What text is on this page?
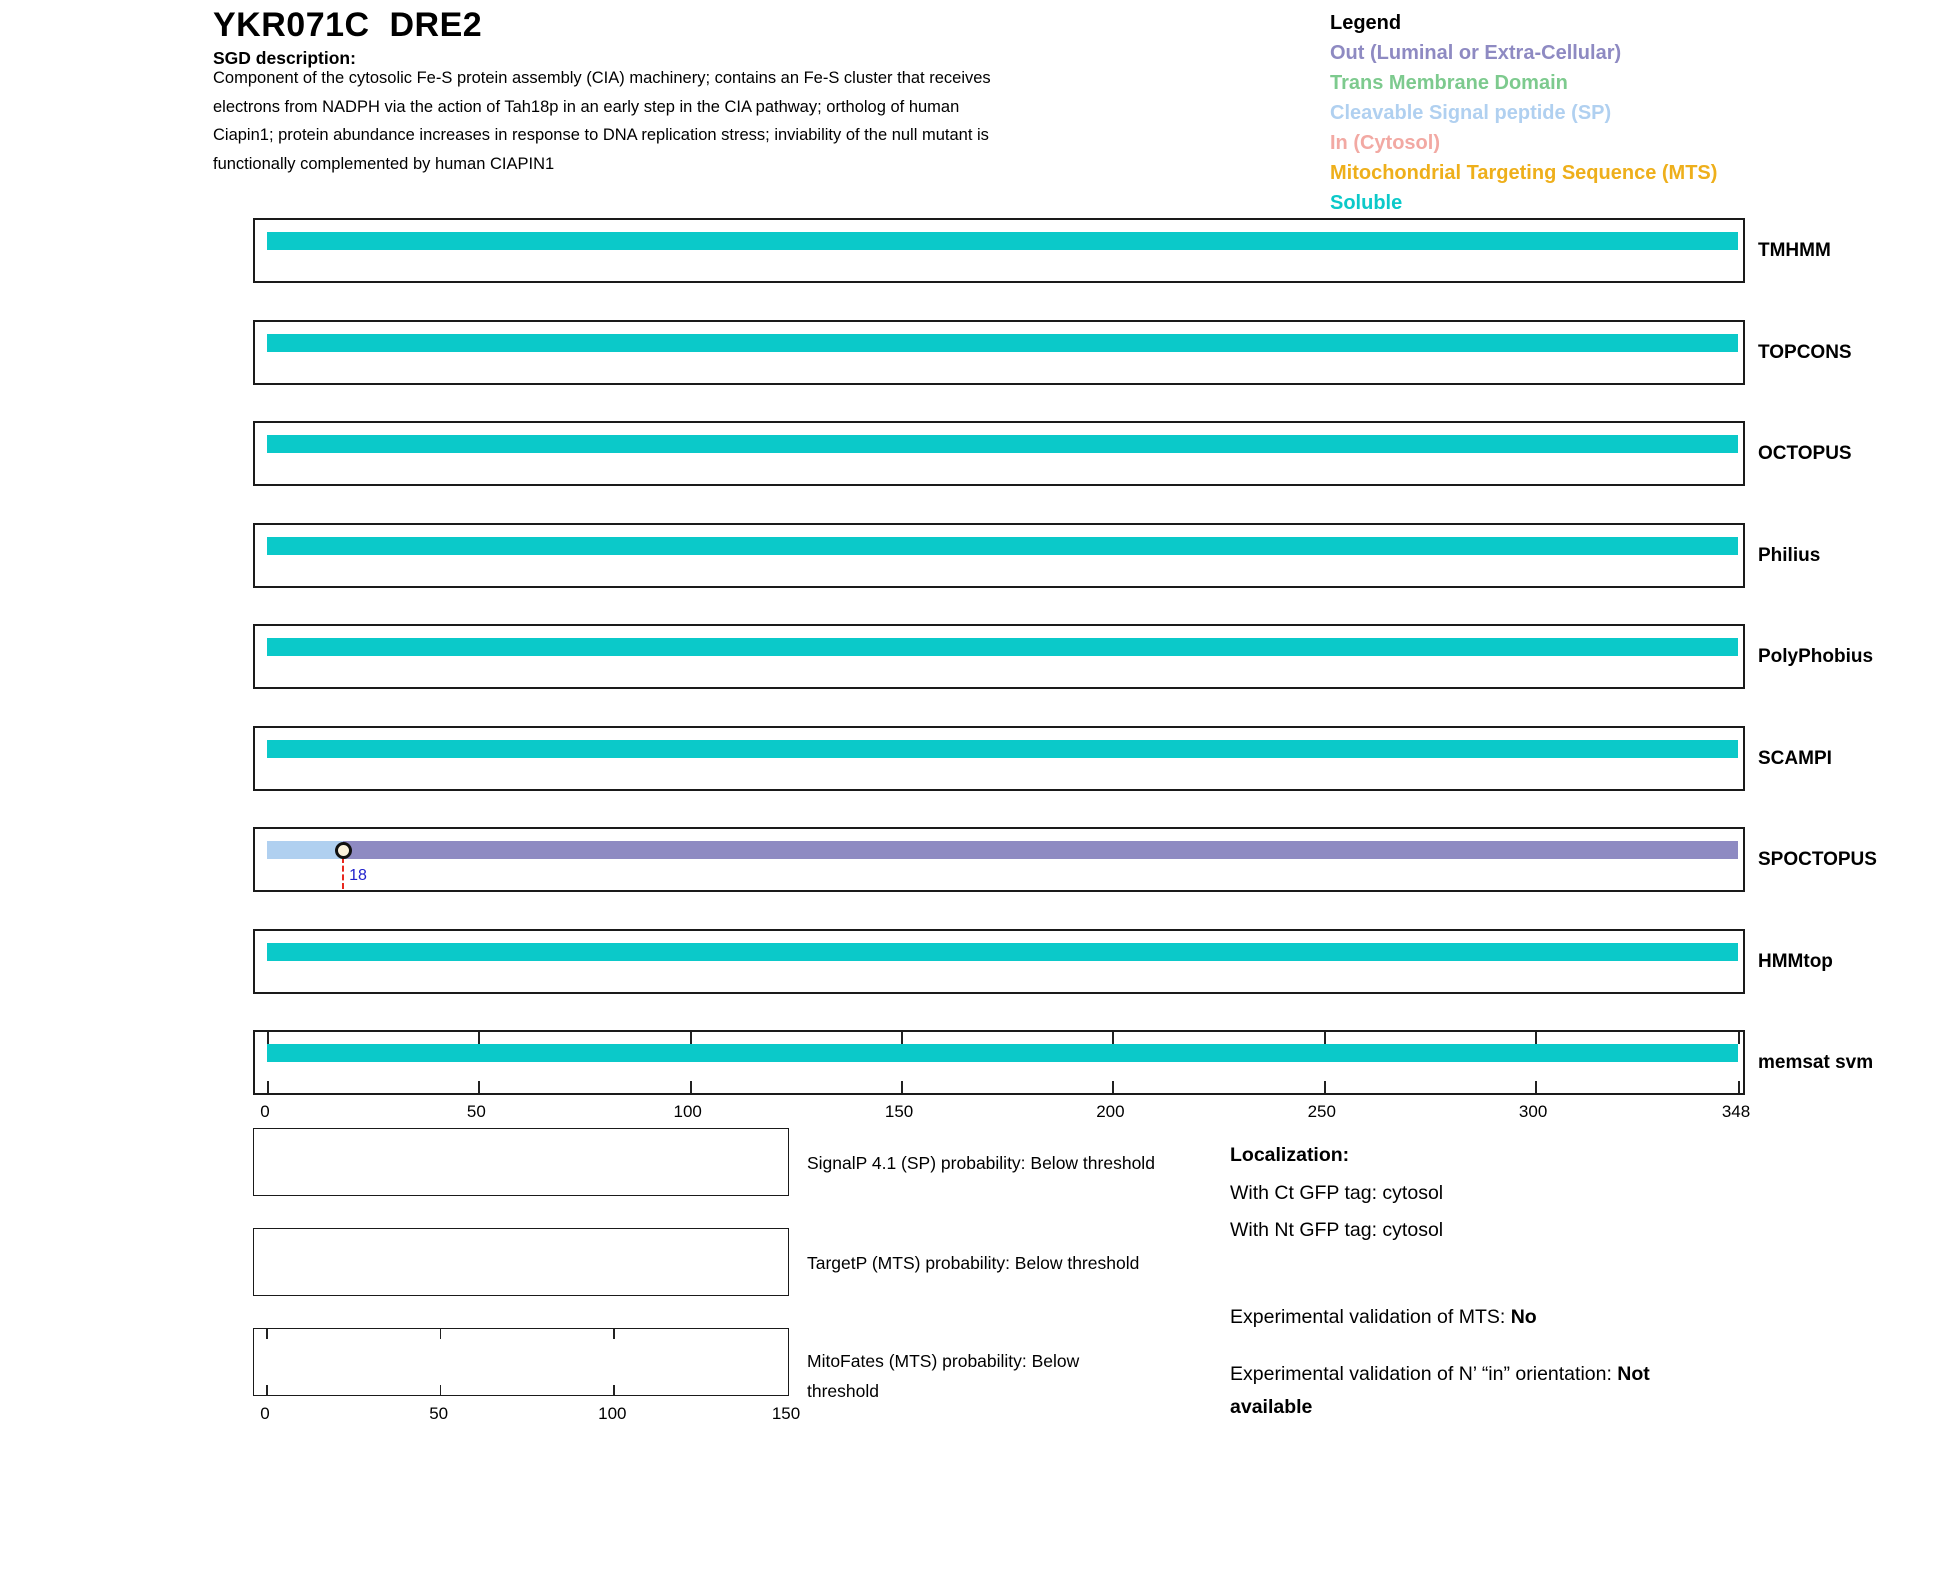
YKR071C  DRE2
SGD description:
Component of the cytosolic Fe-S protein assembly (CIA) machinery; contains an Fe-S cluster that receives electrons from NADPH via the action of Tah18p in an early step in the CIA pathway; ortholog of human Ciapin1; protein abundance increases in response to DNA replication stress; inviability of the null mutant is functionally complemented by human CIAPIN1
Legend
Out (Luminal or Extra-Cellular)
Trans Membrane Domain
Cleavable Signal peptide (SP)
In (Cytosol)
Mitochondrial Targeting Sequence (MTS)
Soluble
TMHMM
TOPCONS
OCTOPUS
Philius
PolyPhobius
SCAMPI
18
SPOCTOPUS
HMMtop
memsat svm
0	50	100	150	200	250	300	348
SignalP 4.1 (SP) probability: Below threshold
TargetP (MTS) probability: Below threshold
MitoFates (MTS) probability: Below threshold
0	50	100	150
Localization:
With Ct GFP tag: cytosol
With Nt GFP tag: cytosol
Experimental validation of MTS: No
Experimental validation of N’ “in” orientation: Not available
